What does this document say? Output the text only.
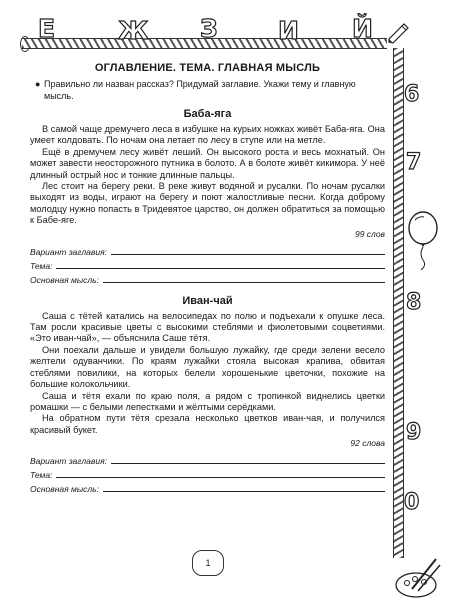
Е	Ж З И Й
6
7
8
9
0
ОГЛАВЛЕНИЕ. ТЕМА. ГЛАВНАЯ МЫСЛЬ

● Правильно ли назван рассказ? Придумай заглавие. Укажи тему и главную мысль.

Баба-яга

В самой чаще дремучего леса в избушке на курьих ножках живёт Баба-яга. Она умеет колдовать. По ночам она летает по лесу в ступе или на метле.

Ещё в дремучем лесу живёт леший. Он высокого роста и весь мохнатый. Он может завести неосторожного путника в болото. А в болоте живёт кикимора. У неё длинный острый нос и тонкие длинные пальцы.

Лес стоит на берегу реки. В реке живут водяной и русалки. По ночам русалки выходят из воды, играют на берегу и поют жалостливые песни. Когда доброму молодцу нужно попасть в Тридевятое царство, он должен обратиться за помощью к Бабе-яге.

99 слов
Вариант заглавия:
Тема:
Основная мысль:
Иван-чай

Саша с тётей катались на велосипедах по полю и подъехали к опушке леса. Там росли красивые цветы с высокими стеблями и фиолетовыми соцветиями. «Это иван-чай», — объяснила Саше тётя.

Они поехали дальше и увидели большую лужайку, где среди зелени весело желтели одуванчики. По краям лужайки стояла высокая крапива, обвитая стеблями повилики, на которых белели хорошенькие цветочки, похожие на большие колокольчики.

Саша и тётя ехали по краю поля, а рядом с тропинкой виднелись цветки ромашки — с белыми лепестками и жёлтыми серёдками.

На обратном пути тётя срезала несколько цветков иван-чая, и получился красивый букет.

92 слова
Вариант заглавия:
Тема:
Основная мысль:
1
